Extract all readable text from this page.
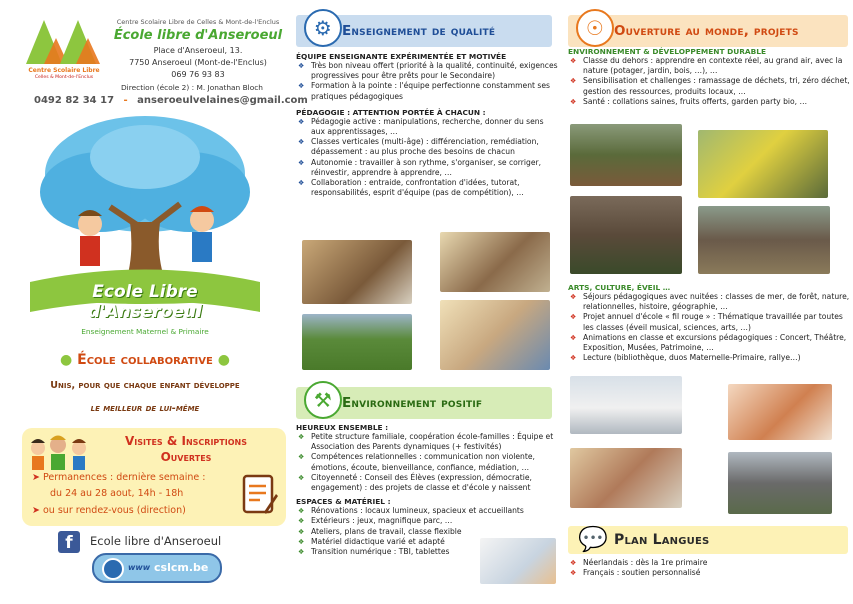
Centre Scolaire Libre
Celles & Mont-de-l'Enclus
Centre Scolaire Libre de Celles & Mont-de-l'Enclus
École libre d'Anseroeul
Place d'Anseroeul, 13.
7750 Anseroeul (Mont-de-l'Enclus)
069 76 93 83
Direction (école 2) : M. Jonathan Bloch
0492 82 34 17 - anseroeulvelaines@gmail.com
Ecole Libre
d'Anseroeul
Enseignement Maternel & Primaire
● École collaborative ●
Unis, pour que chaque enfant développe
le meilleur de lui-même
Visites & Inscriptions
Ouvertes
➤ Permanences : dernière semaine :
du 24 au 28 aout, 14h - 18h
➤ ou sur rendez-vous (direction)
f	Ecole libre d'Anseroeul
www cslcm.be
⚙ Enseignement de qualité
ÉQUIPE ENSEIGNANTE EXPÉRIMENTÉE ET MOTIVÉE
❖ Très bon niveau offert (priorité à la qualité, continuité, exigences progressives pour être prêts pour le Secondaire)
❖ Formation à la pointe : l'équipe perfectionne constamment ses pratiques pédagogiques
PÉDAGOGIE : ATTENTION PORTÉE À CHACUN :
❖ Pédagogie active : manipulations, recherche, donner du sens aux apprentissages, …
❖ Classes verticales (multi-âge) : différenciation, remédiation, dépassement : au plus proche des besoins de chacun
❖ Autonomie : travailler à son rythme, s'organiser, se corriger, réinvestir, apprendre à apprendre, …
❖ Collaboration : entraide, confrontation d'idées, tutorat, responsabilités, esprit d'équipe (pas de compétition), …
⚒ Environnement positif
HEUREUX ENSEMBLE :
❖ Petite structure familiale, coopération école-familles : Équipe et Association des Parents dynamiques (+ festivités)
❖ Compétences relationnelles : communication non violente, émotions, écoute, bienveillance, confiance, médiation, …
❖ Citoyenneté : Conseil des Élèves (expression, démocratie, engagement) : des projets de classe et d'école y naissent
ESPACES & MATÉRIEL :
❖ Rénovations : locaux lumineux, spacieux et accueillants
❖ Extérieurs : jeux, magnifique parc, …
❖ Ateliers, plans de travail, classe flexible
❖ Matériel didactique varié et adapté
❖ Transition numérique : TBI, tablettes
☉ Ouverture au monde, projets
ENVIRONNEMENT & DÉVELOPPEMENT DURABLE
❖ Classe du dehors : apprendre en contexte réel, au grand air, avec la nature (potager, jardin, bois, …), …
❖ Sensibilisation et challenges : ramassage de déchets, tri, zéro déchet, gestion des ressources, produits locaux, …
❖ Santé : collations saines, fruits offerts, garden party bio, …
ARTS, CULTURE, ÉVEIL …
❖ Séjours pédagogiques avec nuitées : classes de mer, de forêt, nature, relationnelles, histoire, géographie, …
❖ Projet annuel d'école « fil rouge » : Thématique travaillée par toutes les classes (éveil musical, sciences, arts, …)
❖ Animations en classe et excursions pédagogiques : Concert, Théâtre, Exposition, Musées, Patrimoine, …
❖ Lecture (bibliothèque, duos Maternelle-Primaire, rallye…)
💬 Plan Langues
❖ Néerlandais : dès la 1re primaire
❖ Français : soutien personnalisé
